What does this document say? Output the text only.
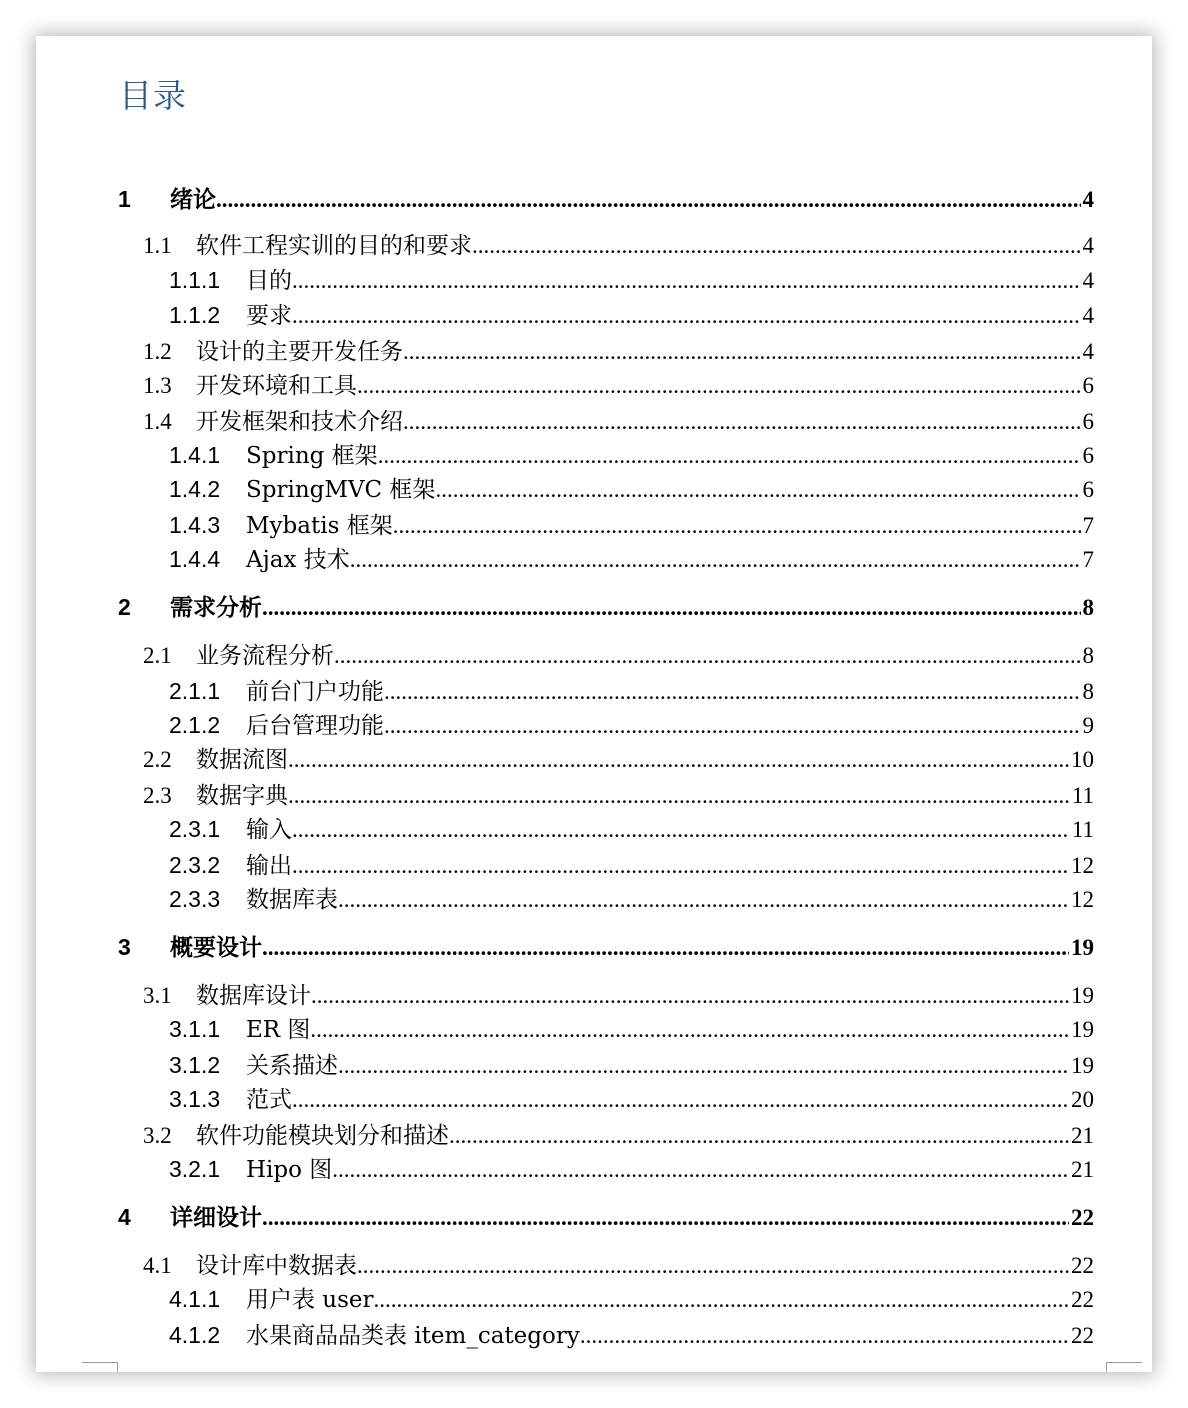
目录
1	绪论 .....	4
1.1	软件工程实训的目的和要求 .....	4
1.1.1	目的 .....	4
1.1.2	要求 .....	4
1.2	设计的主要开发任务 .....	4
1.3	开发环境和工具 .....	6
1.4	开发框架和技术介绍 .....	6
1.4.1	Spring 框架 .....	6
1.4.2	SpringMVC 框架 .....	6
1.4.3	Mybatis 框架 .....	7
1.4.4	Ajax 技术 .....	7
2	需求分析 .....	8
2.1	业务流程分析 .....	8
2.1.1	前台门户功能 .....	8
2.1.2	后台管理功能 .....	9
2.2	数据流图 .....	10
2.3	数据字典 .....	11
2.3.1	输入 .....	11
2.3.2	输出 .....	12
2.3.3	数据库表 .....	12
3	概要设计 .....	19
3.1	数据库设计 .....	19
3.1.1	ER 图 .....	19
3.1.2	关系描述 .....	19
3.1.3	范式 .....	20
3.2	软件功能模块划分和描述 .....	21
3.2.1	Hipo 图 .....	21
4	详细设计 .....	22
4.1	设计库中数据表 .....	22
4.1.1	用户表 user .....	22
4.1.2	水果商品品类表 item_category .....	22
